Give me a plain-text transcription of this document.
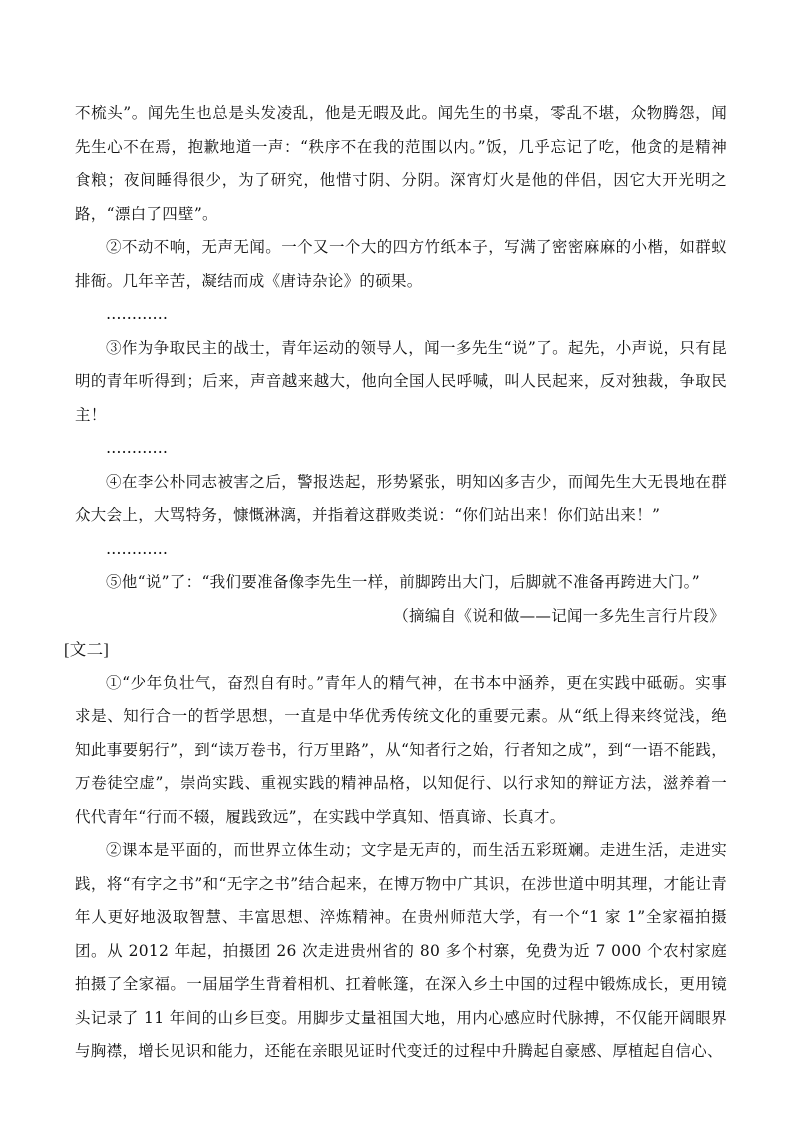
不梳头”。闻先生也总是头发凌乱，他是无暇及此。闻先生的书桌，零乱不堪，众物腾怨，闻先生心不在焉，抱歉地道一声：“秩序不在我的范围以内。”饭，几乎忘记了吃，他贪的是精神食粮；夜间睡得很少，为了研究，他惜寸阴、分阴。深宵灯火是他的伴侣，因它大开光明之路，“漂白了四壁”。

②不动不响，无声无闻。一个又一个大的四方竹纸本子，写满了密密麻麻的小楷，如群蚁排衙。几年辛苦，凝结而成《唐诗杂论》的硕果。

…………

③作为争取民主的战士，青年运动的领导人，闻一多先生“说”了。起先，小声说，只有昆明的青年听得到；后来，声音越来越大，他向全国人民呼喊，叫人民起来，反对独裁，争取民主！

…………

④在李公朴同志被害之后，警报迭起，形势紧张，明知凶多吉少，而闻先生大无畏地在群众大会上，大骂特务，慷慨淋漓，并指着这群败类说：“你们站出来！你们站出来！”

…………

⑤他“说”了：“我们要准备像李先生一样，前脚跨出大门，后脚就不准备再跨进大门。”

（摘编自《说和做——记闻一多先生言行片段》

[文二]

①“少年负壮气，奋烈自有时。”青年人的精气神，在书本中涵养，更在实践中砥砺。实事求是、知行合一的哲学思想，一直是中华优秀传统文化的重要元素。从“纸上得来终觉浅，绝知此事要躬行”，到“读万卷书，行万里路”，从“知者行之始，行者知之成”，到“一语不能践，万卷徒空虚”，崇尚实践、重视实践的精神品格，以知促行、以行求知的辩证方法，滋养着一代代青年“行而不辍，履践致远”，在实践中学真知、悟真谛、长真才。

②课本是平面的，而世界立体生动；文字是无声的，而生活五彩斑斓。走进生活，走进实践，将“有字之书”和“无字之书”结合起来，在博万物中广其识，在涉世道中明其理，才能让青年人更好地汲取智慧、丰富思想、淬炼精神。在贵州师范大学，有一个“1 家 1”全家福拍摄团。从 2012 年起，拍摄团 26 次走进贵州省的 80 多个村寨，免费为近 7 000 个农村家庭拍摄了全家福。一届届学生背着相机、扛着帐篷，在深入乡土中国的过程中锻炼成长，更用镜头记录了 11 年间的山乡巨变。用脚步丈量祖国大地，用内心感应时代脉搏，不仅能开阔眼界与胸襟，增长见识和能力，还能在亲眼见证时代变迁的过程中升腾起自豪感、厚植起自信心、
